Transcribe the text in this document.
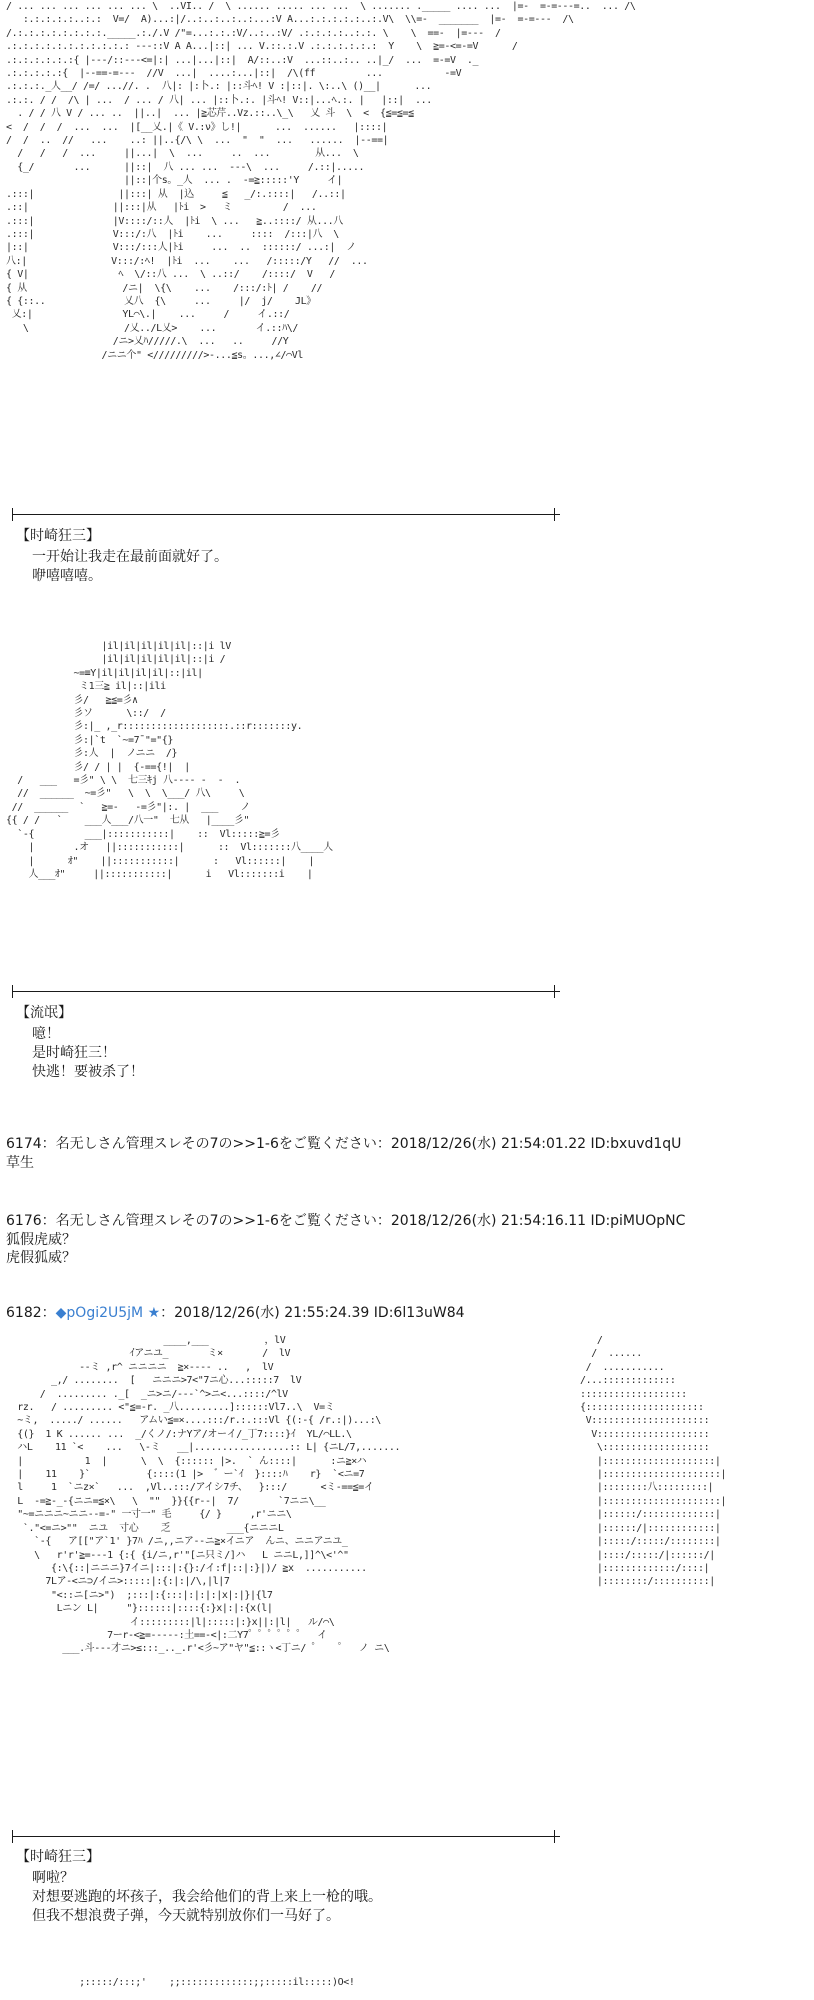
/ ... ... ... ... ... ... \  ..VI.. /  \ ...... ..... ... ...  \ ....... ._____ .... ...  |=-  =-=---=..  ... /\
:.:.:.:.:..:.:  V=/  A)...:|/..:..:..:..:...:V A...:.:.:.:.:..:.V\  \\=-  _______  |=-  =-=---  /\
/.:.:.:.:.:.:.:.:._____.:./.V /"=...:.:.:V/..:..:V/ .:.:.:.:..:.:. \    \  ==-  |=---  /
.:.:.:.:.:.:.:.:.:.:.: ---::V A A...|::| ... V.::.:.V .:.:.:.:.:.:  Y    \  ≧=-<=-=V      /
.:.:.:.:.:.:{ |---/::---<=|:| ...|...|::|  A/::..:V  ...::..:.. ..|_/  ...  =-=V  ._
.:.:.:.:.:{  |--==-=---  //V  ...|  ....:...|::|  /\(ff         ...           -=V
.:.:.:._人__/ /=/ ...//. .  八|: |:卜.: |::斗ﾍ! V :|::|. \:..\ ()__|      ...
.:.:. / /  /\ | ...  / ... / 八| ... |::卜.:. |斗ﾍ! V::|...ﾍ.:. |   |::|  ...
. / / 八 V / ... ..  ||..|  ... |≧芯芹..Vz.::..\_\   乂 斗  \  <  {≦=≦=≦
<  /  /  /  ...  ...  |[__乂.|《 V.:ν》し!|      ...  ......   |::::|
/  /  ..  //   ...    ..: ||..{/\ \  ...  "  "  ...   ......  |--==|
/   /   /  ...     ||...|  \  ...     ..  ...        从...  \
{_/       ...      ||::|  八 ... ...  ---\  ...     /.::|.....
||::|个s。_人  ... .  -=≧:::::'Y     イ|
.:::|               ||:::| 从  |込     ≦   _/:.::::|   /..::|
.::|               ||:::|从   |ﾄi  >   ミ         /  ...
.:::|              |V::::/::人  |ﾄi  \ ...   ≧..::::/ 从...八
.:::|              V:::/:八  |ﾄi    ...     ::::  /:::|八  \
|::|               V:::/:::人|ﾄi     ...  ..  ::::::/ ...:|  ノ
八:|               V:::/:ﾍ!  |ﾄi  ...    ...   /:::::/Y   //  ...
{ V|                ﾍ  \/::八 ...  \ ..::/    /::::/  V   /
{ 从                 /ニ|  \{\    ...    /:::/:ﾄ| /    //
{ {::..              乂八  {\     ...     |/  j/    JL》
乂:|                YL⌒\.|    ...     /     イ.::/
\                 /乂../L乂>    ...       イ.::ﾊ\/
/ニ>乂ﾊ/////.\  ...   ..     //Y
/ニニ个" </////////>-...≦s。...,∠/⌒Vl
【时崎狂三】
一开始让我走在最前面就好了。
咿嘻嘻嘻。
|il|il|il|il|il|::|i lV
|il|il|il|il|il|::|i /
~=≡Y|il|il|il|il|::|il|
ミ1三≧ il|::|ili
彡/   ≧≦=彡∧
彡ソ      \::/  /
彡:|_ ,_r:::::::::::::::::::.::r:::::::y.
彡:|`t  `~=7¯"="{}
彡:人  |  ノニニ  /}
彡/ / | |  {-=={!|  |
/   ___   =彡" \ \  七三ｷj 八---- -  -  .
//  ______  ~=彡"   \  \  \___/ 八\     \
//  ______  `   ≧=-   -=彡"|:. |  ___    ノ
{{ / /   `    ___人___/八一"  七从   |____彡"
`-{         ___|:::::::::::|    ::  Vl:::::≧=彡
|       .オ   ||:::::::::::|      ::  Vl:::::::八____人
|      ｵ"    ||:::::::::::|      :   Vl::::::|    |
人___ｵ"     ||:::::::::::|      i   Vl:::::::i    |
【流氓】
噫！
是时崎狂三！
快逃！要被杀了！
6174：名无しさん管理スレその7の>>1-6をご覧ください：2018/12/26(水) 21:54:01.22 ID:bxuvd1qU
草生
6176：名无しさん管理スレその7の>>1-6をご覧ください：2018/12/26(水) 21:54:16.11 ID:piMUOpNC
狐假虎威？
虎假狐威？
6182：◆pOgi2U5jM ★：2018/12/26(水) 21:55:24.39 ID:6l13uW84
____,___          ，lV
ｲアニユ_       ミ×       /  lV
--ミ ,r^ ニニニニ  ≧×---- ..   ,  lV
_,/ ........  [   ニニニ>7<"7ニ心...:::::7  lV
/  ......... ._[  _ニ>ニ/---`^>ニ<...::::/^lV
rz.   / ......... <"≦=-r. _八.........]::::::Vl7..\  V=ミ
~ミ,  ...../ ......   アムい≦=×....:::/r.:.:::Vl {(:-{ /r.:|)...:\
{(}  1 K ...... ...  _/くノ/:ナYア/オーイ/_丁7::::}ｲ  YL/⌒LL.\
ハL    11 `<    ...   \-ミ   __|.................:: L| {ニL/7,.......
|           1  |      \  \  {:::::: |>.  ` ん::::|      :ニ≧×ハ
|    11    }`          {::::(1 |>  ゛ー`ｲ  }::::ﾊ    r}  `<ニ=7
l     1  `ニz×`   ...  ,Vl..:::/アイシ7チ、  }:::/      <ミ-==≦=イ
L  -=≧-_-{ニニ=≦×\   \  ""  }}{{r--|  7/       `7ニニ\__
"~=ニニニ~ニニ--=-" 一寸一" 毛     {/ }     ,r'ニニ\
`."<=ニ>""  ニユ  寸心    乏          ___{ニニニL
`-{   ア[["ア`1' }7ﾊ /ニ,,ニア--ニ≧×イニア  んニ、ニニアニユ_
\   r'r'≧=---1 {:{ {i/ニ,r'"[ニ只ミ/]ハ   L ニニL,]]^\<'^"
{:\{::|ニニニ}7イニ|:::|:{}:/イ:f|::|:}|)/ ≧x  ...........
7Lア-<ニ⊃/イニ>:::::|:{:|:|/\,|l|7
"<::ニ[ニ>")  ;:::|:{:::|:|:|:|x|:|}|{l7
Lニン L|     "}::::::|::::{:}x|:|:{x(l|
イ:::::::::|l|:::::|:}x||:|l|   ル/⌒\
7ーr-<≧=-----:土==-<|:二Y7゜゜゜゜゜゜  イ
___.斗---才ニ>≤:::_.._.r'<彡~ア"ヤ"≦::ヽ<丁ニ/ ゜   ゜  ノ ニ\
/
/  ......
/  ...........
/...:::::::::::::
:::::::::::::::::::
{:::::::::::::::::::::
V:::::::::::::::::::::
V::::::::::::::::::::
\:::::::::::::::::::
|::::::::::::::::::::|
|:::::::::::::::::::::|
|::::::::八:::::::::|
|:::::::::::::::::::::|
|::::::/:::::::::::::|
|::::::/|::::::::::::|
|:::::/:::::/::::::::|
|::::/:::::/|::::::/|
|:::::::::::::/::::|
|::::::::/::::::::::|
【时崎狂三】
啊啦？
对想要逃跑的坏孩子，我会给他们的背上来上一枪的哦。
但我不想浪费子弹，今天就特别放你们一马好了。
;:::::/:::;'    ;;:::::::::::::;;:::::il:::::)O<!
